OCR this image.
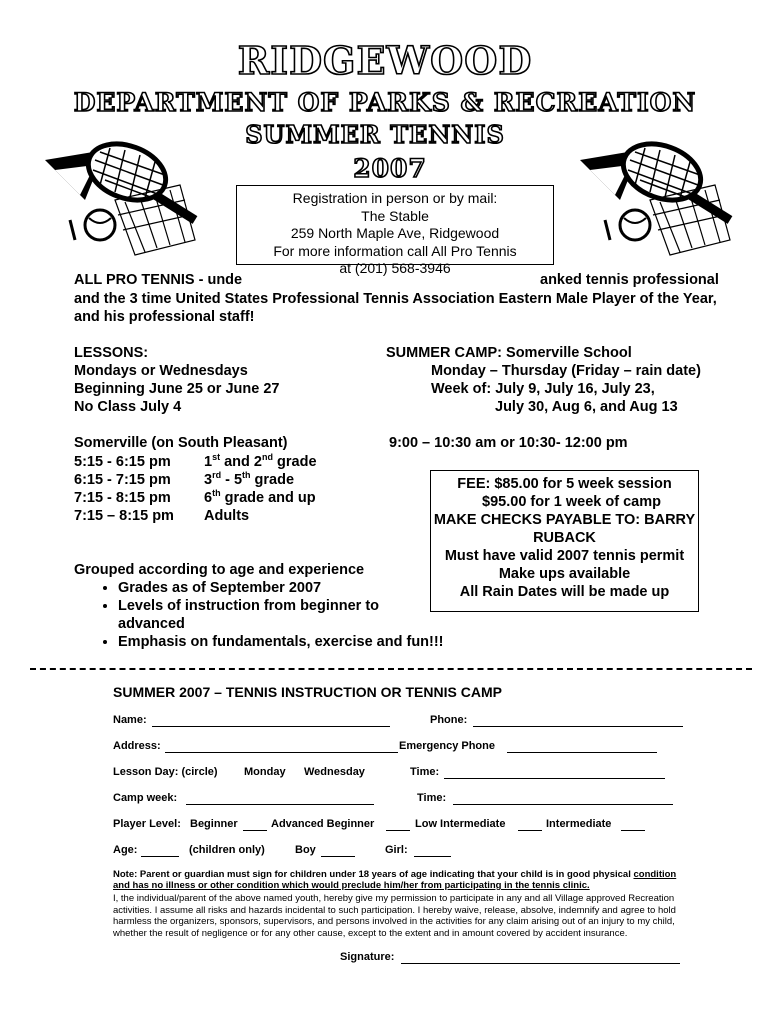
RIDGEWOOD
DEPARTMENT OF PARKS & RECREATION
SUMMER TENNIS
2007
ALL PRO TENNIS - unde	anked tennis professional
and the 3 time United States Professional Tennis Association Eastern Male Player of the Year,
and his professional staff!
Registration in person or by mail:
The Stable
259 North Maple Ave, Ridgewood
For more information call All Pro Tennis
at (201) 568-3946
LESSONS:
Mondays or Wednesdays
Beginning June 25 or June 27
No Class July 4
Somerville (on South Pleasant)
5:15 - 6:15 pm 1st and 2nd grade
6:15 - 7:15 pm 3rd - 5th grade
7:15 - 8:15 pm 6th grade and up
7:15 – 8:15 pm Adults
SUMMER CAMP: Somerville School
Monday – Thursday (Friday – rain date)
Week of: July 9, July 16, July 23,
July 30, Aug 6, and Aug 13
9:00 – 10:30 am or 10:30- 12:00 pm
FEE: $85.00 for 5 week session
$95.00 for 1 week of camp
MAKE CHECKS PAYABLE TO: BARRY
RUBACK
Must have valid 2007 tennis permit
Make ups available
All Rain Dates will be made up
Grouped according to age and experience
• Grades as of September 2007
• Levels of instruction from beginner to advanced
• Emphasis on fundamentals, exercise and fun!!!
SUMMER 2007 – TENNIS INSTRUCTION OR TENNIS CAMP
Name:	Phone:
Address:	Emergency Phone
Lesson Day: (circle) Monday Wednesday	Time:
Camp week:	Time:
Player Level: Beginner	Advanced Beginner	Low Intermediate	Intermediate
Age:	(children only)	Boy	Girl:
Note: Parent or guardian must sign for children under 18 years of age indicating that your child is in good physical condition
and has no illness or other condition which would preclude him/her from participating in the tennis clinic.
I, the individual/parent of the above named youth, hereby give my permission to participate in any and all Village approved Recreation activities. I assume all risks and hazards incidental to such participation. I hereby waive, release, absolve, indemnify and agree to hold harmless the organizers, sponsors, supervisors, and persons involved in the activities for any claim arising out of an injury to my child, whether the result of negligence or for any other cause, except to the extent and in amount covered by accident insurance.
Signature:
